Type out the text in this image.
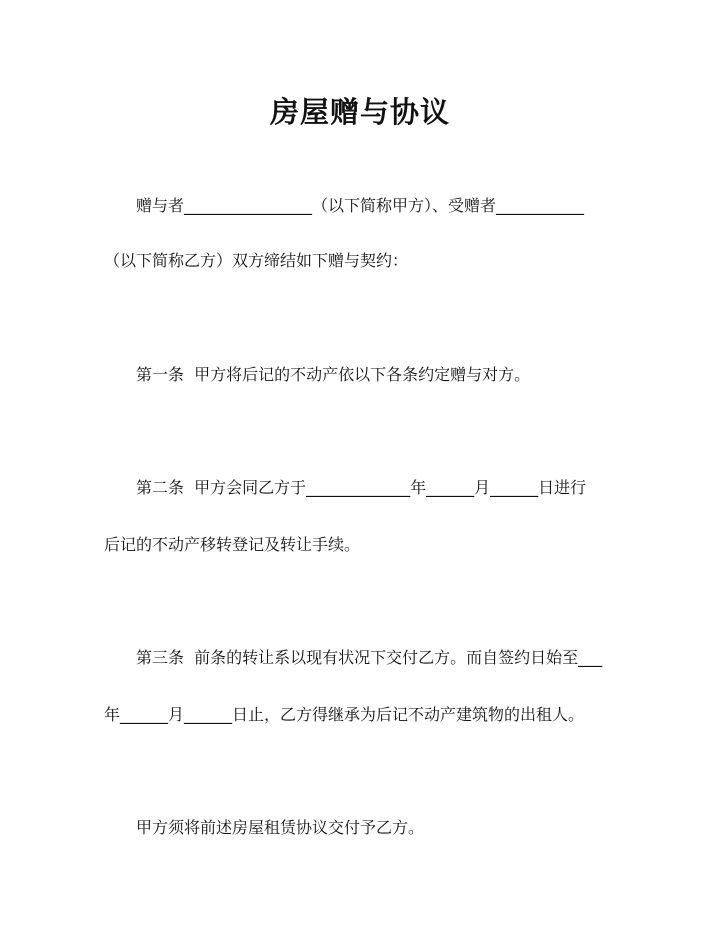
房屋赠与协议
　　赠与者________________（以下简称甲方）、受赠者___________
（以下简称乙方）双方缔结如下赠与契约：
　　第一条  甲方将后记的不动产依以下各条约定赠与对方。
　　第二条  甲方会同乙方于_____________年______月______日进行
后记的不动产移转登记及转让手续。
　　第三条  前条的转让系以现有状况下交付乙方。而自签约日始至___
年______月______日止，乙方得继承为后记不动产建筑物的出租人。
　　甲方须将前述房屋租赁协议交付予乙方。
